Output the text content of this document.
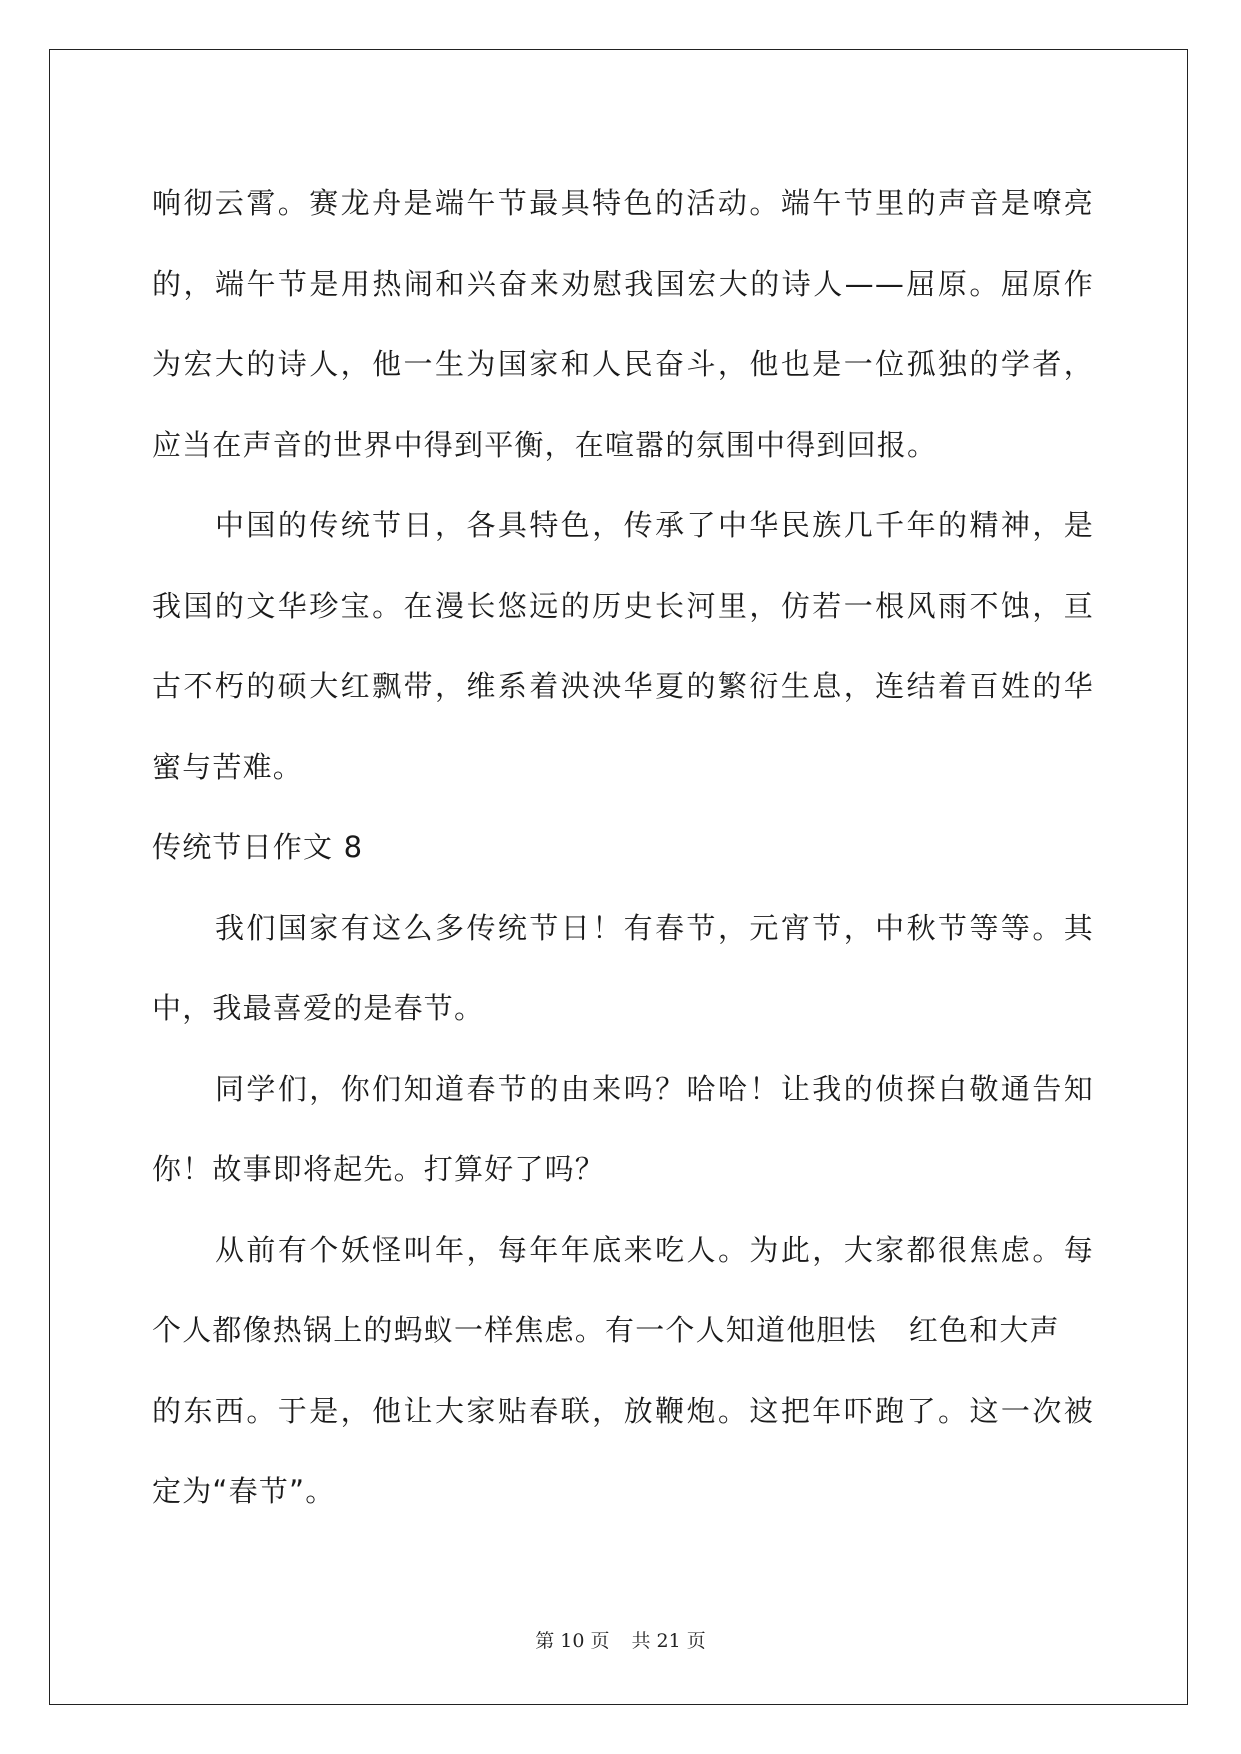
响彻云霄。赛龙舟是端午节最具特色的活动。端午节里的声音是嘹亮
的，端午节是用热闹和兴奋来劝慰我国宏大的诗人——屈原。屈原作
为宏大的诗人，他一生为国家和人民奋斗，他也是一位孤独的学者，
应当在声音的世界中得到平衡，在喧嚣的氛围中得到回报。
中国的传统节日，各具特色，传承了中华民族几千年的精神，是
我国的文华珍宝。在漫长悠远的历史长河里，仿若一根风雨不蚀，亘
古不朽的硕大红飘带，维系着泱泱华夏的繁衍生息，连结着百姓的华
蜜与苦难。
传统节日作文 8
我们国家有这么多传统节日！有春节，元宵节，中秋节等等。其
中，我最喜爱的是春节。
同学们，你们知道春节的由来吗？哈哈！让我的侦探白敬通告知
你！故事即将起先。打算好了吗？
从前有个妖怪叫年，每年年底来吃人。为此，大家都很焦虑。每
个人都像热锅上的蚂蚁一样焦虑。有一个人知道他胆怯 红色和大声
的东西。于是，他让大家贴春联，放鞭炮。这把年吓跑了。这一次被
定为“春节”。
第 10 页 共 21 页
